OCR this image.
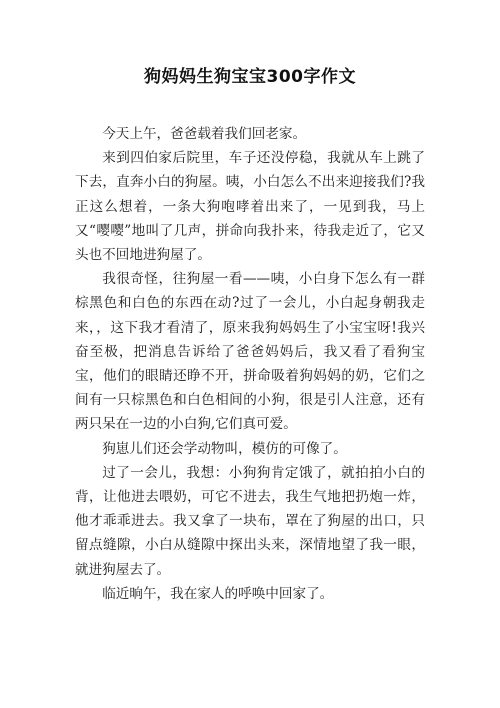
狗妈妈生狗宝宝300字作文

今天上午，爸爸载着我们回老家。

来到四伯家后院里，车子还没停稳，我就从车上跳了下去，直奔小白的狗屋。咦，小白怎么不出来迎接我们?我正这么想着，一条大狗咆哮着出来了，一见到我，马上又“嘤嘤”地叫了几声，拼命向我扑来，待我走近了，它又头也不回地进狗屋了。

我很奇怪，往狗屋一看——咦，小白身下怎么有一群棕黑色和白色的东西在动?过了一会儿，小白起身朝我走来，，这下我才看清了，原来我狗妈妈生了小宝宝呀!我兴奋至极，把消息告诉给了爸爸妈妈后，我又看了看狗宝宝，他们的眼睛还睁不开，拼命吸着狗妈妈的奶，它们之间有一只棕黑色和白色相间的小狗，很是引人注意，还有两只呆在一边的小白狗,它们真可爱。

狗崽儿们还会学动物叫，模仿的可像了。

过了一会儿，我想：小狗狗肯定饿了，就拍拍小白的背，让他进去喂奶，可它不进去，我生气地把扔炮一炸，他才乖乖进去。我又拿了一块布，罩在了狗屋的出口，只留点缝隙，小白从缝隙中探出头来，深情地望了我一眼，就进狗屋去了。

临近晌午，我在家人的呼唤中回家了。
